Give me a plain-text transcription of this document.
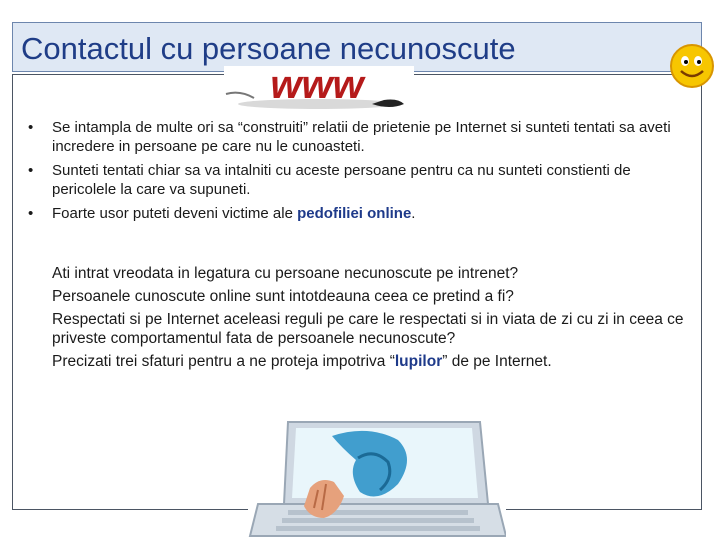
Contactul cu persoane necunoscute
www
• Se intampla de multe ori sa “construiti” relatii de prietenie pe Internet si sunteti tentati sa aveti incredere in persoane pe care nu le cunoasteti.
• Sunteti tentati chiar sa va intalniti cu aceste persoane pentru ca nu sunteti constienti de pericolele la care va supuneti.
• Foarte usor puteti deveni victime ale pedofiliei online.

Ati intrat vreodata in legatura cu persoane necunoscute pe intrenet?

Persoanele cunoscute online sunt intotdeauna ceea ce pretind a fi?

Respectati si pe Internet aceleasi reguli pe care le respectati si in viata de zi cu zi in ceea ce priveste comportamentul fata de persoanele necunoscute?

Precizati trei sfaturi pentru a ne proteja impotriva “lupilor” de pe Internet.
